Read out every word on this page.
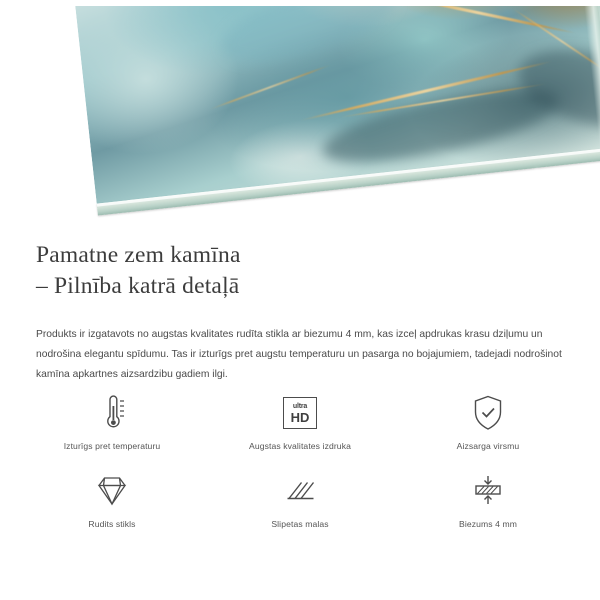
Pamatne zem kamīna
– Pilnība katrā detaļā

Produkts ir izgatavots no augstas kvalitates rudīta stikla ar biezumu 4 mm, kas izceļ apdrukas krasu dziļumu un nodrošina elegantu spīdumu. Tas ir izturīgs pret augstu temperaturu un pasarga no bojajumiem, tadejadi nodrošinot kamīna apkartnes aizsardzibu gadiem ilgi.

Izturīgs pret temperaturu
ultra
HD
Augstas kvalitates izdruka	Aizsarga virsmu
Rudits stikls	Slipetas malas	Biezums 4 mm
